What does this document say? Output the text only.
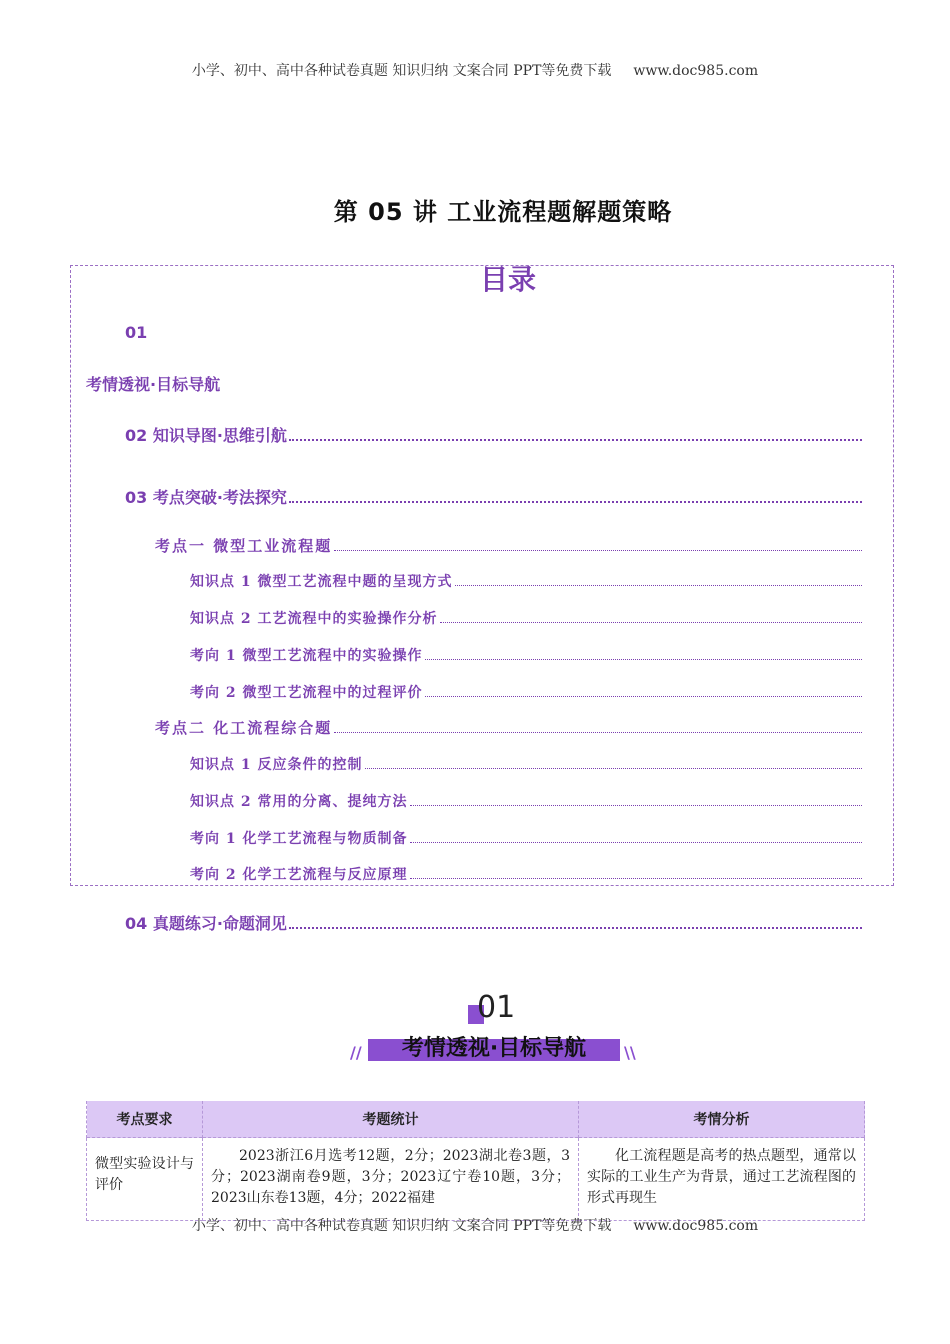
小学、初中、高中各种试卷真题 知识归纳 文案合同 PPT等免费下载 www.doc985.com
第 05 讲 工业流程题解题策略
目录
01
考情透视·目标导航
02 知识导图·思维引航
03 考点突破·考法探究
考点一 微型工业流程题
知识点 1 微型工艺流程中题的呈现方式
知识点 2 工艺流程中的实验操作分析
考向 1 微型工艺流程中的实验操作
考向 2 微型工艺流程中的过程评价
考点二 化工流程综合题
知识点 1 反应条件的控制
知识点 2 常用的分离、提纯方法
考向 1 化学工艺流程与物质制备
考向 2 化学工艺流程与反应原理
04 真题练习·命题洞见
01
考情透视·目标导航
//	\\
考点要求	考题统计	考情分析

微型实验设计与评价	2023浙江6月选考12题，2分；2023湖北卷3题，3分；2023湖南卷9题，3分；2023辽宁卷10题，3分；2023山东卷13题，4分；2022福建	化工流程题是高考的热点题型，通常以实际的工业生产为背景，通过工艺流程图的形式再现生
小学、初中、高中各种试卷真题 知识归纳 文案合同 PPT等免费下载 www.doc985.com
